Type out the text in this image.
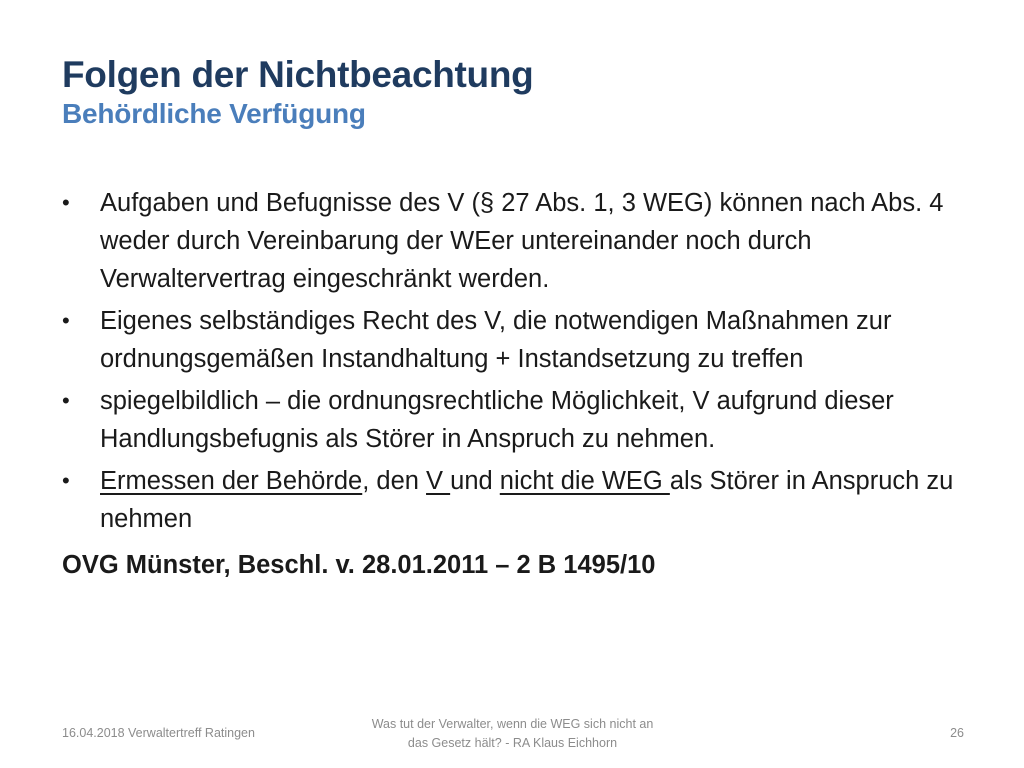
Folgen der Nichtbeachtung
Behördliche Verfügung
•	Aufgaben und Befugnisse des V (§ 27 Abs. 1, 3 WEG) können nach Abs. 4 weder durch Vereinbarung der WEer untereinander noch durch Verwaltervertrag eingeschränkt werden.
•	Eigenes selbständiges Recht des V, die notwendigen Maßnahmen zur ordnungsgemäßen Instandhaltung + Instandsetzung zu treffen
•	spiegelbildlich – die ordnungsrechtliche Möglichkeit, V aufgrund dieser Handlungsbefugnis als Störer in Anspruch zu nehmen.
•	Ermessen der Behörde, den V und nicht die WEG als Störer in Anspruch zu nehmen
OVG Münster, Beschl. v. 28.01.2011 – 2 B 1495/10
16.04.2018 Verwaltertreff Ratingen
Was tut der Verwalter, wenn die WEG sich nicht an
das Gesetz hält? - RA Klaus Eichhorn
26
